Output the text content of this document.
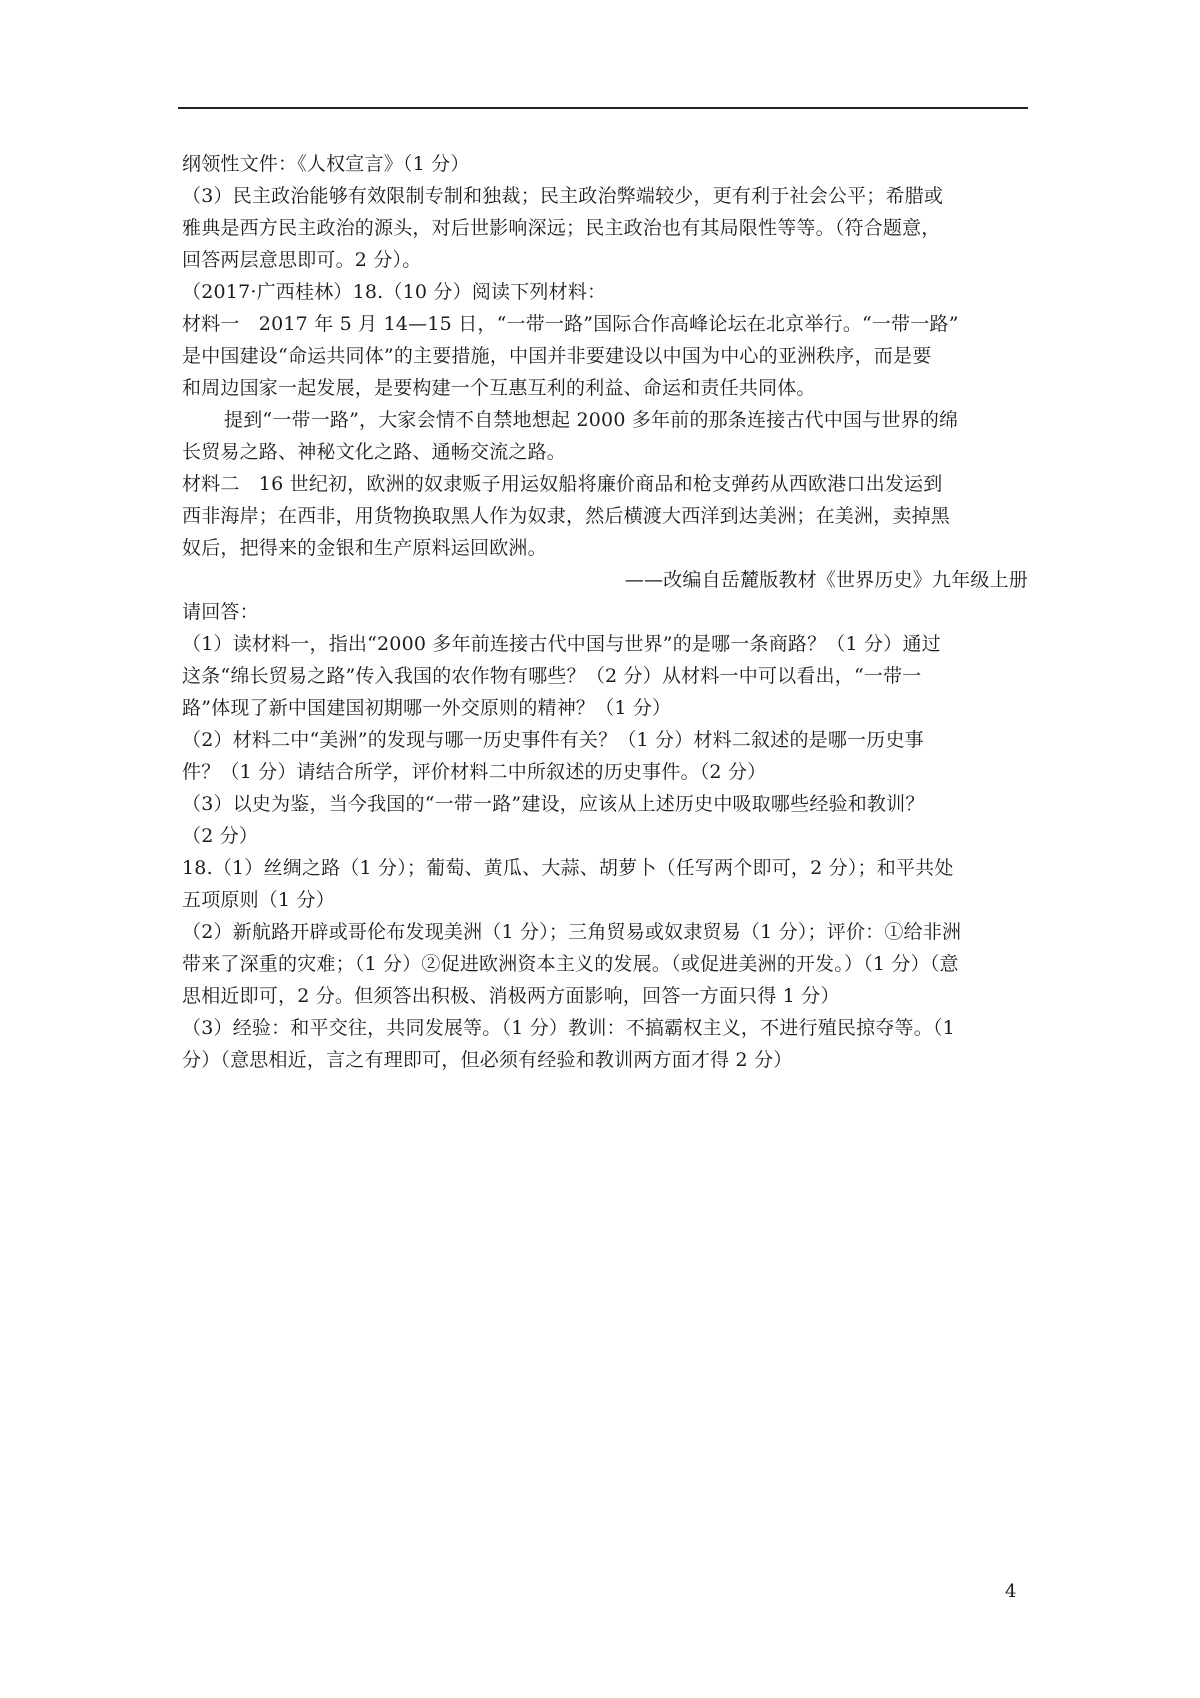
纲领性文件：《人权宣言》（1 分）
（3）民主政治能够有效限制专制和独裁；民主政治弊端较少，更有利于社会公平；希腊或
雅典是西方民主政治的源头，对后世影响深远；民主政治也有其局限性等等。（符合题意，
回答两层意思即可。2 分）。
（2017·广西桂林）18.（10 分）阅读下列材料：
材料一　2017 年 5 月 14—15 日，“一带一路”国际合作高峰论坛在北京举行。“一带一路”
是中国建设“命运共同体”的主要措施，中国并非要建设以中国为中心的亚洲秩序，而是要
和周边国家一起发展，是要构建一个互惠互利的利益、命运和责任共同体。
提到“一带一路”，大家会情不自禁地想起 2000 多年前的那条连接古代中国与世界的绵
长贸易之路、神秘文化之路、通畅交流之路。
材料二　16 世纪初，欧洲的奴隶贩子用运奴船将廉价商品和枪支弹药从西欧港口出发运到
西非海岸；在西非，用货物换取黑人作为奴隶，然后横渡大西洋到达美洲；在美洲，卖掉黑
奴后，把得来的金银和生产原料运回欧洲。
——改编自岳麓版教材《世界历史》九年级上册
请回答：
（1）读材料一，指出“2000 多年前连接古代中国与世界”的是哪一条商路？（1 分）通过
这条“绵长贸易之路”传入我国的农作物有哪些？（2 分）从材料一中可以看出，“一带一
路”体现了新中国建国初期哪一外交原则的精神？（1 分）
（2）材料二中“美洲”的发现与哪一历史事件有关？（1 分）材料二叙述的是哪一历史事
件？（1 分）请结合所学，评价材料二中所叙述的历史事件。（2 分）
（3）以史为鉴，当今我国的“一带一路”建设，应该从上述历史中吸取哪些经验和教训？
（2 分）
18.（1）丝绸之路（1 分）；葡萄、黄瓜、大蒜、胡萝卜（任写两个即可，2 分）；和平共处
五项原则（1 分）
（2）新航路开辟或哥伦布发现美洲（1 分）；三角贸易或奴隶贸易（1 分）；评价：①给非洲
带来了深重的灾难；（1 分）②促进欧洲资本主义的发展。（或促进美洲的开发。）（1 分）（意
思相近即可，2 分。但须答出积极、消极两方面影响，回答一方面只得 1 分）
（3）经验：和平交往，共同发展等。（1 分）教训：不搞霸权主义，不进行殖民掠夺等。（1
分）（意思相近，言之有理即可，但必须有经验和教训两方面才得 2 分）
4
